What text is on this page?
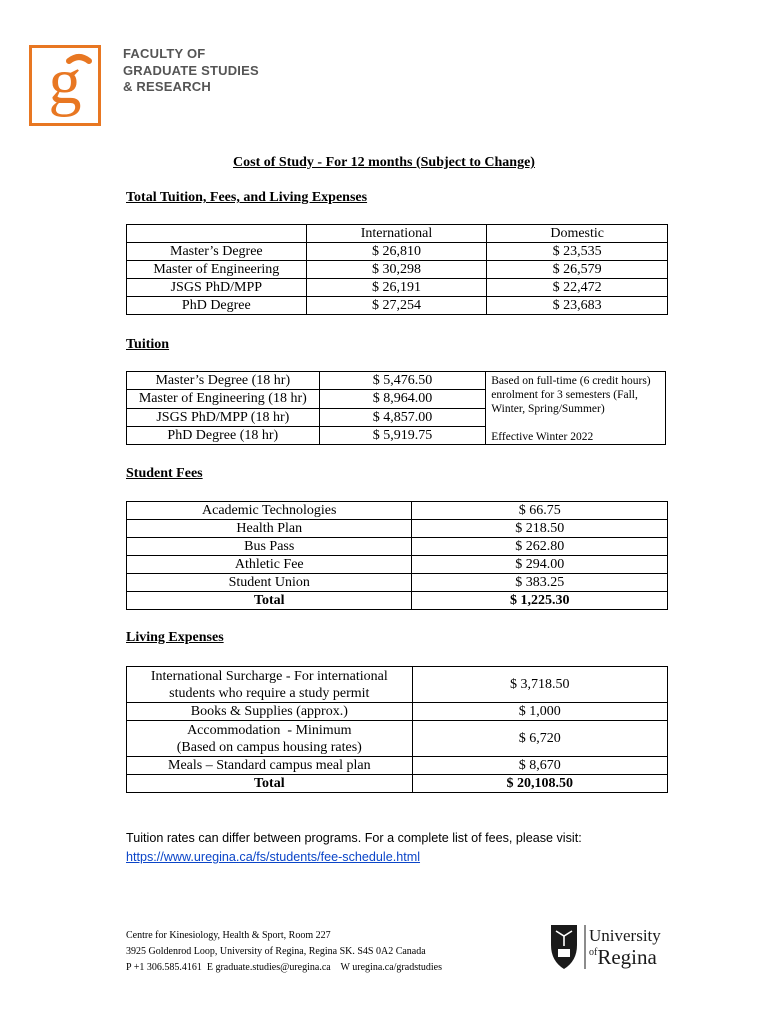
g	FACULTY OF
GRADUATE STUDIES
& RESEARCH
Cost of Study - For 12 months (Subject to Change)
Total Tuition, Fees, and Living Expenses
	International	Domestic
Master’s Degree	$ 26,810	$ 23,535
Master of Engineering	$ 30,298	$ 26,579
JSGS PhD/MPP	$ 26,191	$ 22,472
PhD Degree	$ 27,254	$ 23,683
Tuition
Master’s Degree (18 hr)	$ 5,476.50	Based on full-time (6 credit hours) enrolment for 3 semesters (Fall, Winter, Spring/Summer)
Effective Winter 2022

Master of Engineering (18 hr)	$ 8,964.00	
JSGS PhD/MPP (18 hr)	$ 4,857.00	
PhD Degree (18 hr)	$ 5,919.75	
Student Fees
Academic Technologies	$ 66.75
Health Plan	$ 218.50
Bus Pass	$ 262.80
Athletic Fee	$ 294.00
Student Union	$ 383.25
Total	$ 1,225.30
Living Expenses
International Surcharge - For international
students who require a study permit	$ 3,718.50
Books & Supplies (approx.)	$ 1,000

Accommodation  - Minimum
(Based on campus housing rates)	$ 6,720
Meals – Standard campus meal plan	$ 8,670
Total	$ 20,108.50
Tuition rates can differ between programs. For a complete list of fees, please visit:
https://www.uregina.ca/fs/students/fee-schedule.html
Centre for Kinesiology, Health & Sport, Room 227
3925 Goldenrod Loop, University of Regina, Regina SK. S4S 0A2 Canada
P +1 306.585.4161  E graduate.studies@uregina.ca    W uregina.ca/gradstudies
University
$^{of}$Regina
